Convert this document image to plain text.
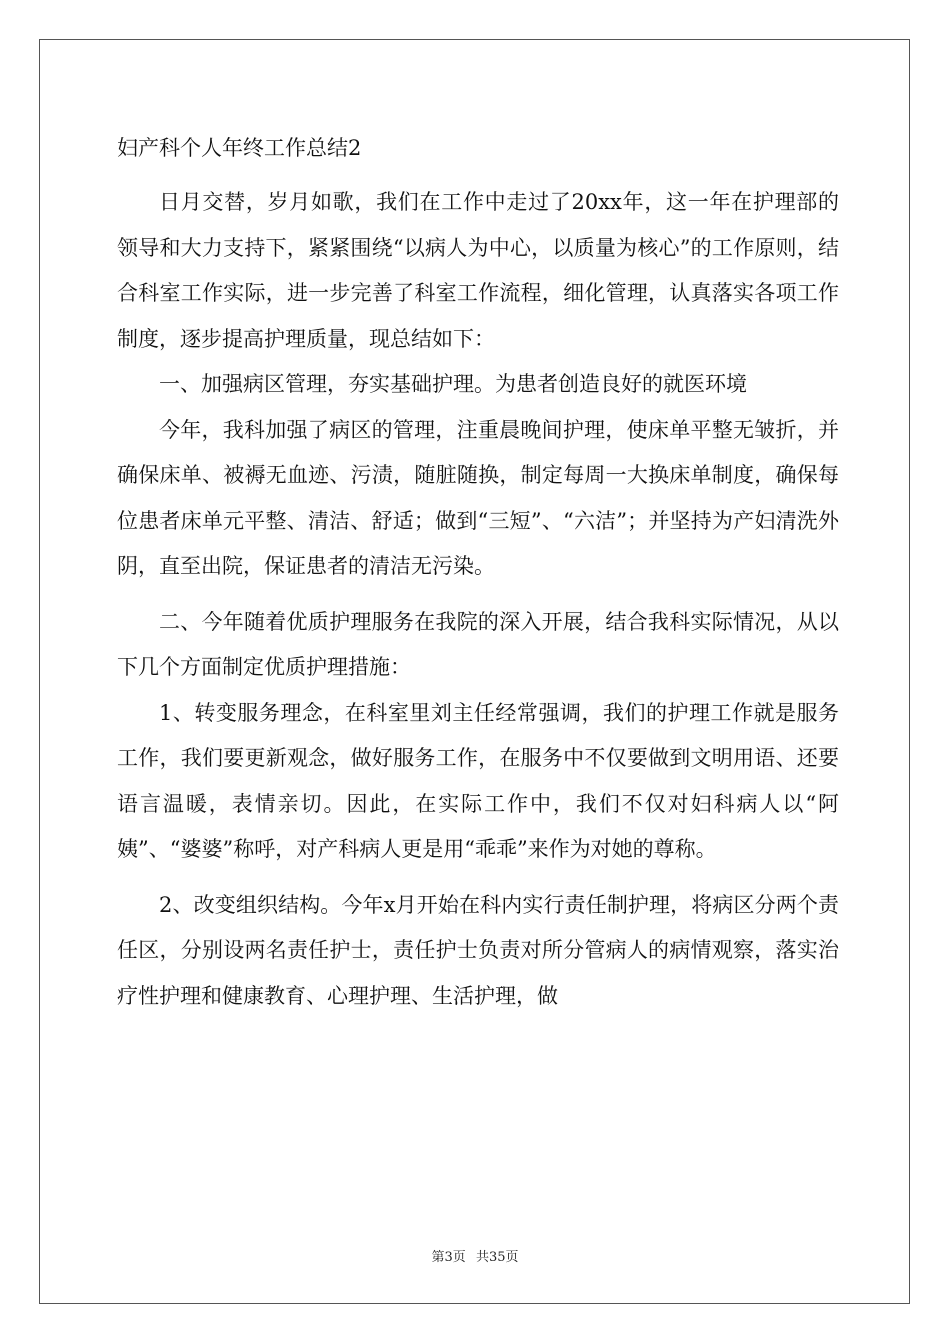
妇产科个人年终工作总结2

日月交替，岁月如歌，我们在工作中走过了20xx年，这一年在护理部的领导和大力支持下，紧紧围绕“以病人为中心，以质量为核心”的工作原则，结合科室工作实际，进一步完善了科室工作流程，细化管理，认真落实各项工作制度，逐步提高护理质量，现总结如下：

一、加强病区管理，夯实基础护理。为患者创造良好的就医环境

今年，我科加强了病区的管理，注重晨晚间护理，使床单平整无皱折，并确保床单、被褥无血迹、污渍，随脏随换，制定每周一大换床单制度，确保每位患者床单元平整、清洁、舒适；做到“三短”、“六洁”；并坚持为产妇清洗外阴，直至出院，保证患者的清洁无污染。

二、今年随着优质护理服务在我院的深入开展，结合我科实际情况，从以下几个方面制定优质护理措施：

1、转变服务理念，在科室里刘主任经常强调，我们的护理工作就是服务工作，我们要更新观念，做好服务工作，在服务中不仅要做到文明用语、还要语言温暖，表情亲切。因此，在实际工作中，我们不仅对妇科病人以“阿姨”、“婆婆”称呼，对产科病人更是用“乖乖”来作为对她的尊称。

2、改变组织结构。今年x月开始在科内实行责任制护理，将病区分两个责任区，分别设两名责任护士，责任护士负责对所分管病人的病情观察，落实治疗性护理和健康教育、心理护理、生活护理，做

第3页 共35页
